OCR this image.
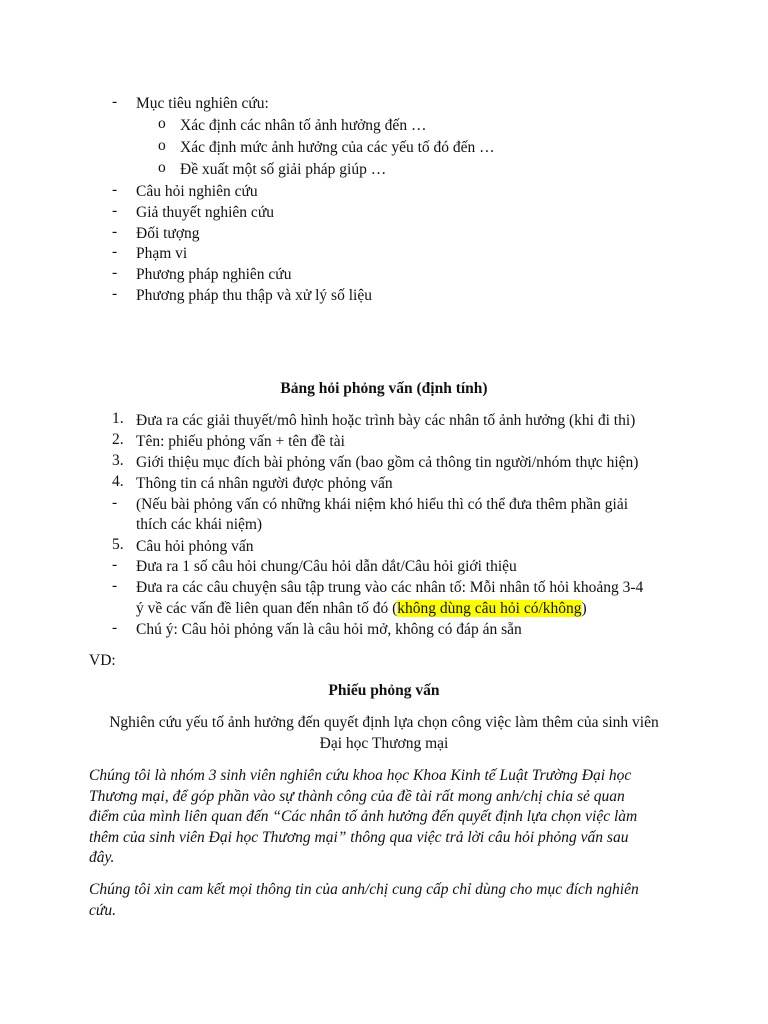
- Mục tiêu nghiên cứu:
o Xác định các nhân tố ảnh hưởng đến …
o Xác định mức ảnh hưởng của các yếu tố đó đến …
o Đề xuất một số giải pháp giúp …
- Câu hỏi nghiên cứu
- Giả thuyết nghiên cứu
- Đối tượng
- Phạm vi
- Phương pháp nghiên cứu
- Phương pháp thu thập và xử lý số liệu
Bảng hỏi phỏng vấn (định tính)
1. Đưa ra các giải thuyết/mô hình hoặc trình bày các nhân tố ảnh hưởng (khi đi thi)
2. Tên: phiếu phỏng vấn + tên đề tài
3. Giới thiệu mục đích bài phỏng vấn (bao gồm cả thông tin người/nhóm thực hiện)
4. Thông tin cá nhân người được phỏng vấn
- (Nếu bài phỏng vấn có những khái niệm khó hiểu thì có thể đưa thêm phần giải
thích các khái niệm)
5. Câu hỏi phỏng vấn
- Đưa ra 1 số câu hỏi chung/Câu hỏi dẫn dắt/Câu hỏi giới thiệu
- Đưa ra các câu chuyện sâu tập trung vào các nhân tố: Mỗi nhân tố hỏi khoảng 3-4
ý về các vấn đề liên quan đến nhân tố đó (không dùng câu hỏi có/không)
- Chú ý: Câu hỏi phỏng vấn là câu hỏi mở, không có đáp án sẵn
VD:
Phiếu phỏng vấn
Nghiên cứu yếu tố ảnh hưởng đến quyết định lựa chọn công việc làm thêm của sinh viên
Đại học Thương mại
Chúng tôi là nhóm 3 sinh viên nghiên cứu khoa học Khoa Kinh tế Luật Trường Đại học
Thương mại, để góp phần vào sự thành công của đề tài rất mong anh/chị chia sẻ quan
điểm của mình liên quan đến “Các nhân tố ảnh hưởng đến quyết định lựa chọn việc làm
thêm của sinh viên Đại học Thương mại” thông qua việc trả lời câu hỏi phỏng vấn sau
đây.
Chúng tôi xin cam kết mọi thông tin của anh/chị cung cấp chỉ dùng cho mục đích nghiên
cứu.
